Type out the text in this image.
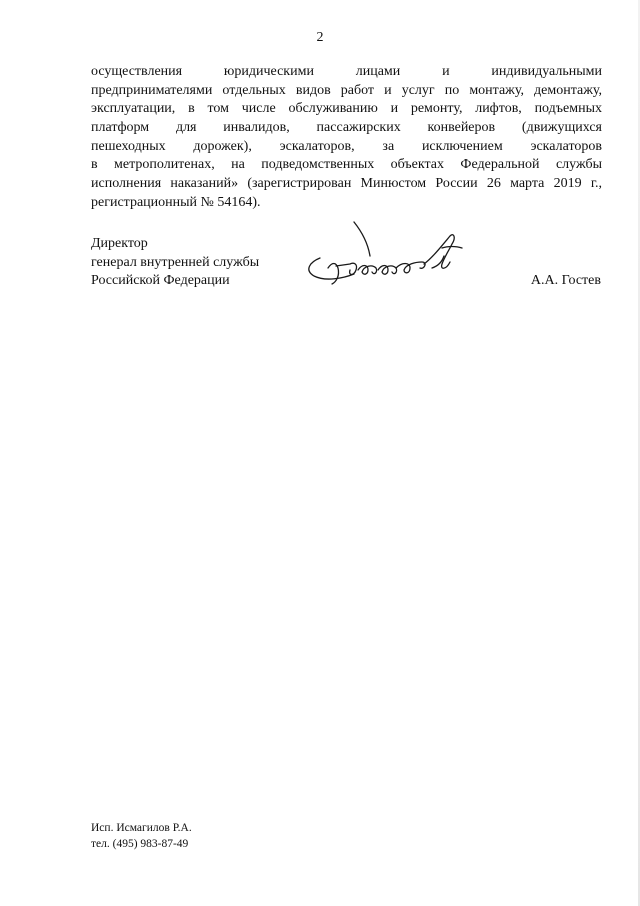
2
осуществления юридическими лицами и индивидуальными
предпринимателями отдельных видов работ и услуг по монтажу, демонтажу,
эксплуатации, в том числе обслуживанию и ремонту, лифтов, подъемных
платформ для инвалидов, пассажирских конвейеров (движущихся
пешеходных дорожек), эскалаторов, за исключением эскалаторов
в метрополитенах, на подведомственных объектах Федеральной службы
исполнения наказаний» (зарегистрирован Минюстом России 26 марта 2019 г.,
регистрационный № 54164).
Директор
генерал внутренней службы
Российской Федерации	А.А. Гостев
Исп. Исмагилов Р.А.
тел. (495) 983-87-49
